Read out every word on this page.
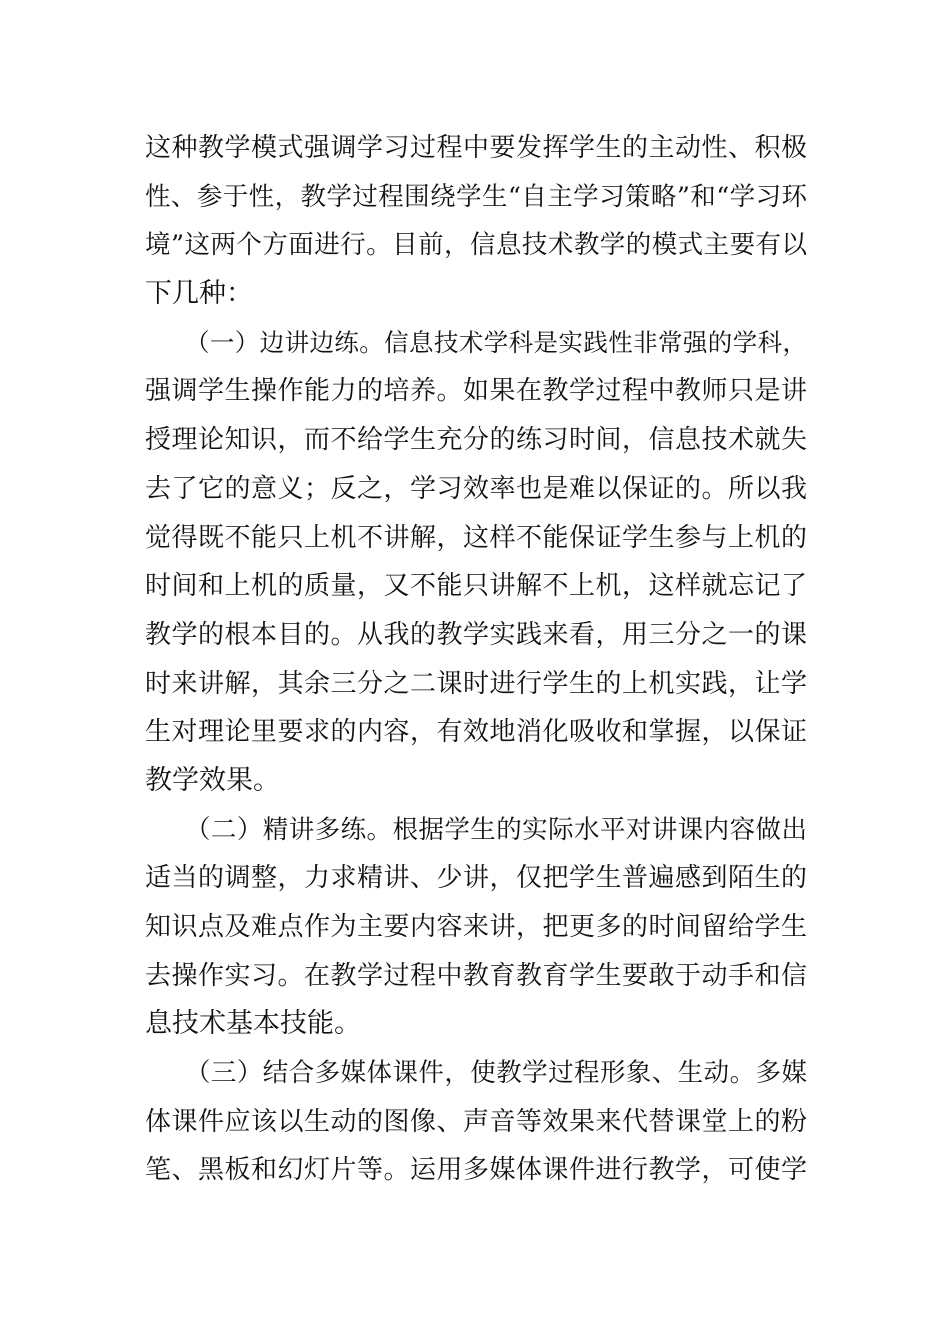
这种教学模式强调学习过程中要发挥学生的主动性、积极
性、参于性，教学过程围绕学生“自主学习策略”和“学习环
境”这两个方面进行。目前，信息技术教学的模式主要有以
下几种：
（一）边讲边练。信息技术学科是实践性非常强的学科，
强调学生操作能力的培养。如果在教学过程中教师只是讲
授理论知识，而不给学生充分的练习时间，信息技术就失
去了它的意义；反之，学习效率也是难以保证的。所以我
觉得既不能只上机不讲解，这样不能保证学生参与上机的
时间和上机的质量，又不能只讲解不上机，这样就忘记了
教学的根本目的。从我的教学实践来看，用三分之一的课
时来讲解，其余三分之二课时进行学生的上机实践，让学
生对理论里要求的内容，有效地消化吸收和掌握，以保证
教学效果。
（二）精讲多练。根据学生的实际水平对讲课内容做出
适当的调整，力求精讲、少讲，仅把学生普遍感到陌生的
知识点及难点作为主要内容来讲，把更多的时间留给学生
去操作实习。在教学过程中教育教育学生要敢于动手和信
息技术基本技能。
（三）结合多媒体课件，使教学过程形象、生动。多媒
体课件应该以生动的图像、声音等效果来代替课堂上的粉
笔、黑板和幻灯片等。运用多媒体课件进行教学，可使学
